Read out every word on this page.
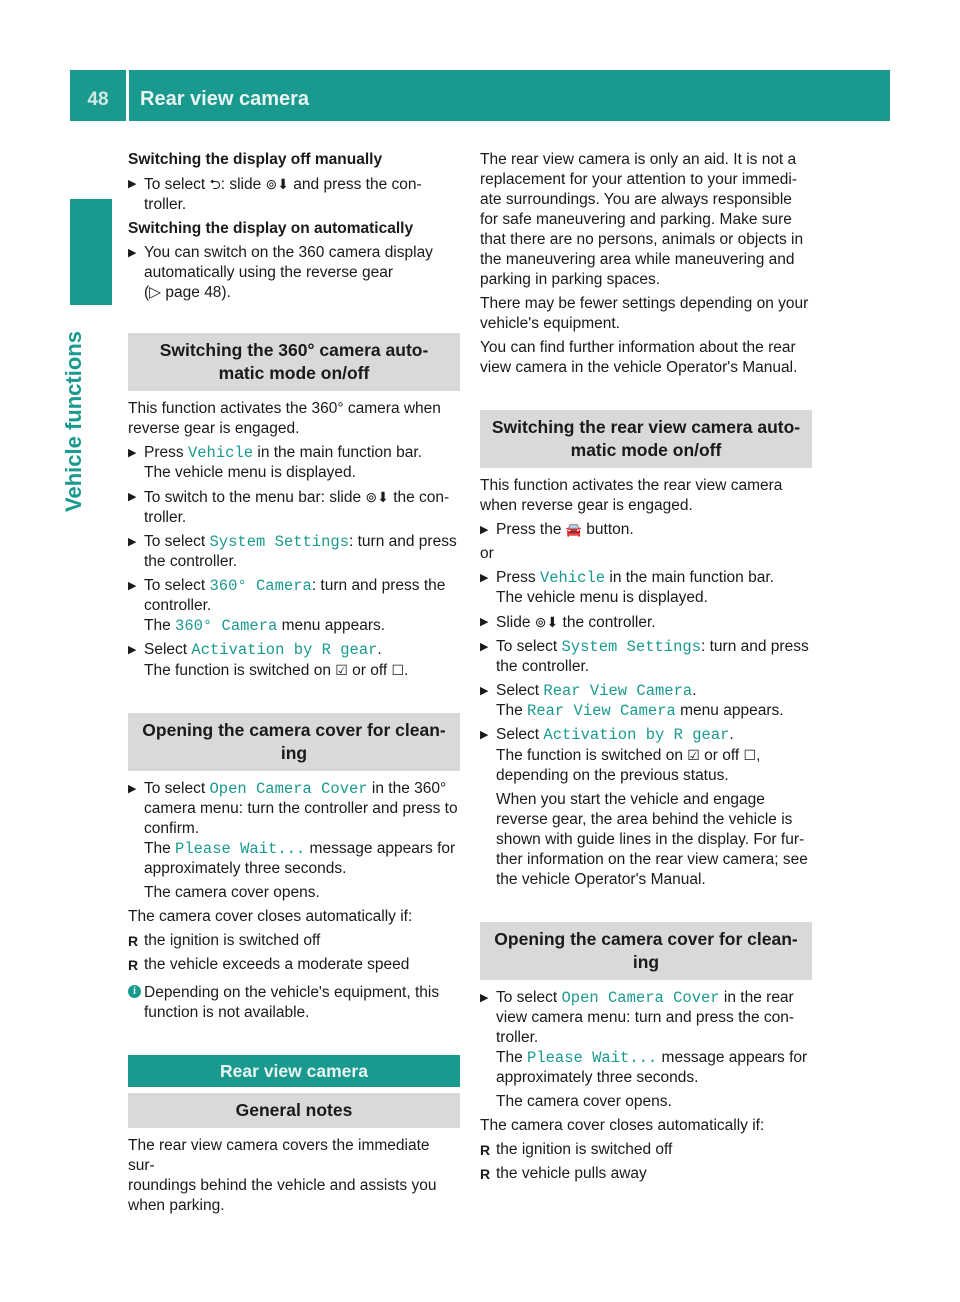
48	Rear view camera
Vehicle functions
Switching the display off manually
▶ To select ⮌: slide ⊚⬇ and press the con-
troller.
Switching the display on automatically
▶ You can switch on the 360 camera display
automatically using the reverse gear
(▷ page 48).
Switching the 360° camera auto-
matic mode on/off
This function activates the 360° camera when
reverse gear is engaged.
▶ Press Vehicle in the main function bar.
The vehicle menu is displayed.
▶ To switch to the menu bar: slide ⊚⬇ the con-
troller.
▶ To select System Settings: turn and press
the controller.
▶ To select 360° Camera: turn and press the
controller.
The 360° Camera menu appears.
▶ Select Activation by R gear.
The function is switched on ☑ or off ☐.
Opening the camera cover for clean-
ing
▶ To select Open Camera Cover in the 360°
camera menu: turn the controller and press to
confirm.
The Please Wait... message appears for
approximately three seconds.
The camera cover opens.
The camera cover closes automatically if:
R the ignition is switched off
R the vehicle exceeds a moderate speed
i Depending on the vehicle's equipment, this
function is not available.
Rear view camera
General notes
The rear view camera covers the immediate sur-
roundings behind the vehicle and assists you
when parking.
The rear view camera is only an aid. It is not a
replacement for your attention to your immedi-
ate surroundings. You are always responsible
for safe maneuvering and parking. Make sure
that there are no persons, animals or objects in
the maneuvering area while maneuvering and
parking in parking spaces.
There may be fewer settings depending on your
vehicle's equipment.
You can find further information about the rear
view camera in the vehicle Operator's Manual.
Switching the rear view camera auto-
matic mode on/off
This function activates the rear view camera
when reverse gear is engaged.
▶ Press the 🚘 button.
or
▶ Press Vehicle in the main function bar.
The vehicle menu is displayed.
▶ Slide ⊚⬇ the controller.
▶ To select System Settings: turn and press
the controller.
▶ Select Rear View Camera.
The Rear View Camera menu appears.
▶ Select Activation by R gear.
The function is switched on ☑ or off ☐,
depending on the previous status.
When you start the vehicle and engage
reverse gear, the area behind the vehicle is
shown with guide lines in the display. For fur-
ther information on the rear view camera; see
the vehicle Operator's Manual.
Opening the camera cover for clean-
ing
▶ To select Open Camera Cover in the rear
view camera menu: turn and press the con-
troller.
The Please Wait... message appears for
approximately three seconds.
The camera cover opens.
The camera cover closes automatically if:
R the ignition is switched off
R the vehicle pulls away
